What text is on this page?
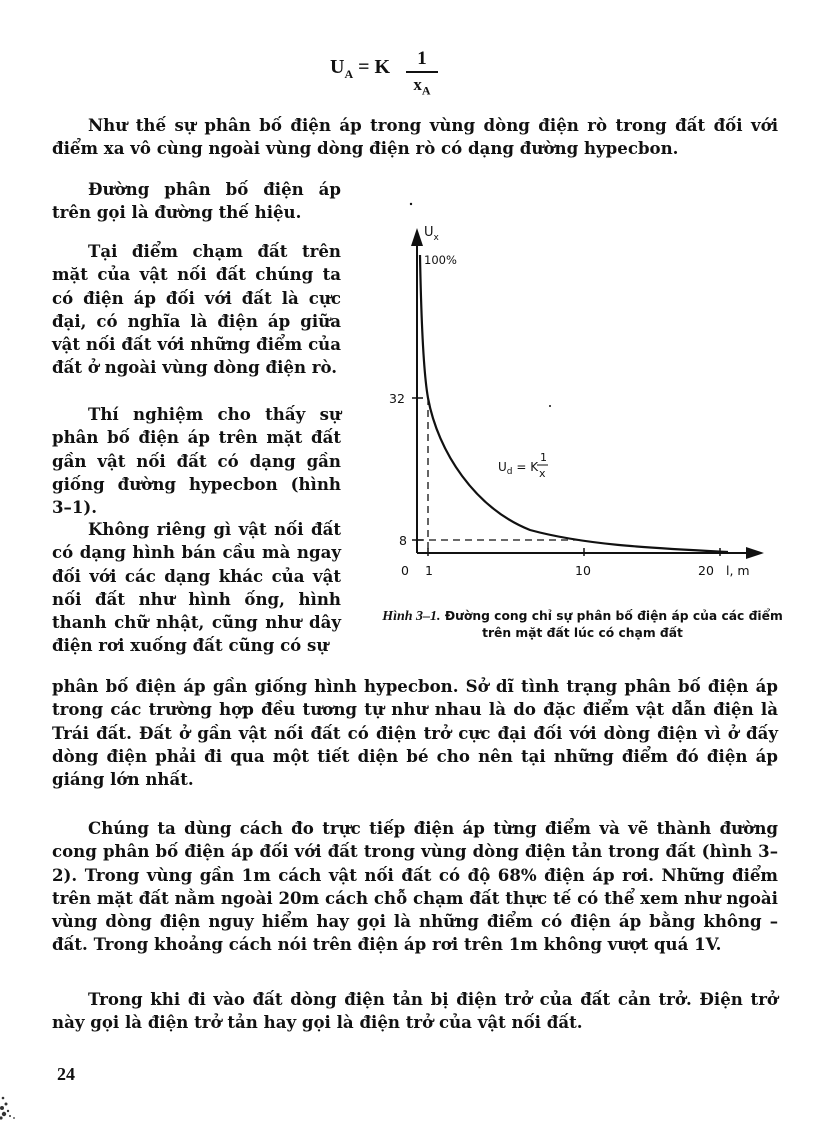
$U_A = K$	1
$x_A$

Như thế sự phân bố điện áp trong vùng dòng điện rò trong đất đối với điểm xa vô cùng ngoài vùng dòng điện rò có dạng đường hypecbon.

Đường phân bố điện áp trên gọi là đường thế hiệu.

Tại điểm chạm đất trên mặt của vật nối đất chúng ta có điện áp đối với đất là cực đại, có nghĩa là điện áp giữa vật nối đất với những điểm của đất ở ngoài vùng dòng điện rò.

Thí nghiệm cho thấy sự phân bố điện áp trên mặt đất gần vật nối đất có dạng gần giống đường hypecbon (hình 3–1).

Không riêng gì vật nối đất có dạng hình bán cầu mà ngay đối với các dạng khác của vật nối đất như hình ống, hình thanh chữ nhật, cũng như dây điện rơi xuống đất cũng có sự

phân bố điện áp gần giống hình hypecbon. Sở dĩ tình trạng phân bố điện áp trong các trường hợp đều tương tự như nhau là do đặc điểm vật dẫn điện là Trái đất. Đất ở gần vật nối đất có điện trở cực đại đối với dòng điện vì ở đấy dòng điện phải đi qua một tiết diện bé cho nên tại những điểm đó điện áp giáng lớn nhất.

Chúng ta dùng cách đo trực tiếp điện áp từng điểm và vẽ thành đường cong phân bố điện áp đối với đất trong vùng dòng điện tản trong đất (hình 3–2). Trong vùng gần 1m cách vật nối đất có độ 68% điện áp rơi. Những điểm trên mặt đất nằm ngoài 20m cách chỗ chạm đất thực tế có thể xem như ngoài vùng dòng điện nguy hiểm hay gọi là những điểm có điện áp bằng không – đất. Trong khoảng cách nói trên điện áp rơi trên 1m không vượt quá 1V.

Trong khi đi vào đất dòng điện tản bị điện trở của đất cản trở. Điện trở này gọi là điện trở tản hay gọi là điện trở của vật nối đất.

$U_x$
100%
32
8
0 1	10	20 l, m
$U_d = K$
1
x
Hình 3–1. Đường cong chỉ sự phân bố điện áp của các điểm trên mặt đất lúc có chạm đất
24
